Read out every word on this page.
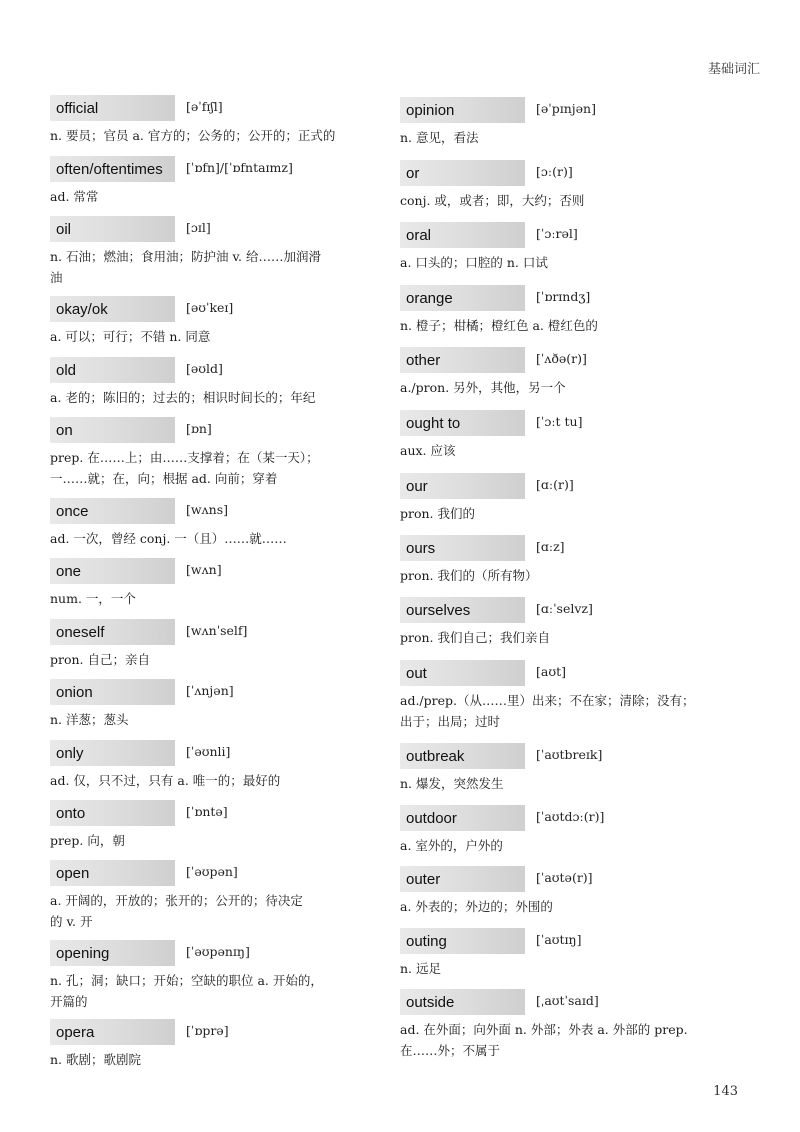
基础词汇
official	[əˈfɪʃl]
n. 要员；官员 a. 官方的；公务的；公开的；正式的
often/oftentimes	[ˈɒfn]/[ˈɒfntaɪmz]
ad. 常常
oil	[ɔɪl]
n. 石油；燃油；食用油；防护油 v. 给……加润滑
油
okay/ok	[əʊˈkeɪ]
a. 可以；可行；不错 n. 同意
old	[əʊld]
a. 老的；陈旧的；过去的；相识时间长的；年纪
on	[ɒn]
prep. 在……上；由……支撑着；在（某一天）；
一……就；在，向；根据 ad. 向前；穿着
once	[wʌns]
ad. 一次，曾经 conj. 一（且）……就……
one	[wʌn]
num. 一，一个
oneself	[wʌnˈself]
pron. 自己；亲自
onion	[ˈʌnjən]
n. 洋葱；葱头
only	[ˈəʊnli]
ad. 仅，只不过，只有 a. 唯一的；最好的
onto	[ˈɒntə]
prep. 向，朝
open	[ˈəʊpən]
a. 开阔的，开放的；张开的；公开的；待决定
的 v. 开
opening	[ˈəʊpənɪŋ]
n. 孔；洞；缺口；开始；空缺的职位 a. 开始的，
开篇的
opera	[ˈɒprə]
n. 歌剧；歌剧院
opinion	[əˈpɪnjən]
n. 意见，看法
or	[ɔː(r)]
conj. 或，或者；即，大约；否则
oral	[ˈɔːrəl]
a. 口头的；口腔的 n. 口试
orange	[ˈɒrɪndʒ]
n. 橙子；柑橘；橙红色 a. 橙红色的
other	[ˈʌðə(r)]
a./pron. 另外，其他，另一个
ought to	[ˈɔːt tu]
aux. 应该
our	[ɑː(r)]
pron. 我们的
ours	[ɑːz]
pron. 我们的（所有物）
ourselves	[ɑːˈselvz]
pron. 我们自己；我们亲自
out	[aʊt]
ad./prep.（从……里）出来；不在家；清除；没有；
出于；出局；过时
outbreak	[ˈaʊtbreɪk]
n. 爆发，突然发生
outdoor	[ˈaʊtdɔː(r)]
a. 室外的，户外的
outer	[ˈaʊtə(r)]
a. 外表的；外边的；外围的
outing	[ˈaʊtɪŋ]
n. 远足
outside	[ˌaʊtˈsaɪd]
ad. 在外面；向外面 n. 外部；外表 a. 外部的 prep.
在……外；不属于
143
